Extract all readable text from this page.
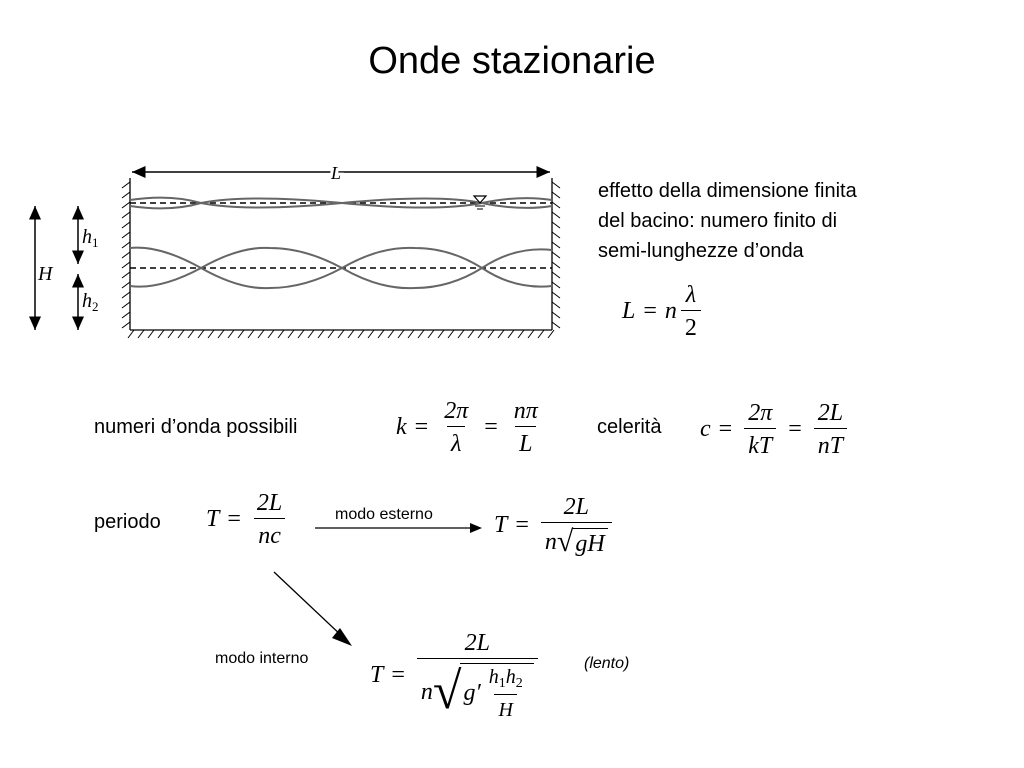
Onde stazionarie
L
H
$h_1$
$h_2$
effetto della dimensione finita
del bacino: numero finito di
semi-lunghezze d’onda
L = n $\frac{\lambda}{2}$
numeri d’onda possibili	$k = \frac{2\pi}{\lambda} = \frac{n\pi}{L}$	celerità $c = \frac{2\pi}{kT} = \frac{2L}{nT}$
periodo $T = \frac{2L}{nc}$	modo esterno	$T = \frac{2L}{n √ gH}$
modo interno
T =
2L
n √ $g' \frac{h_1h_2}{H}$
(lento)
